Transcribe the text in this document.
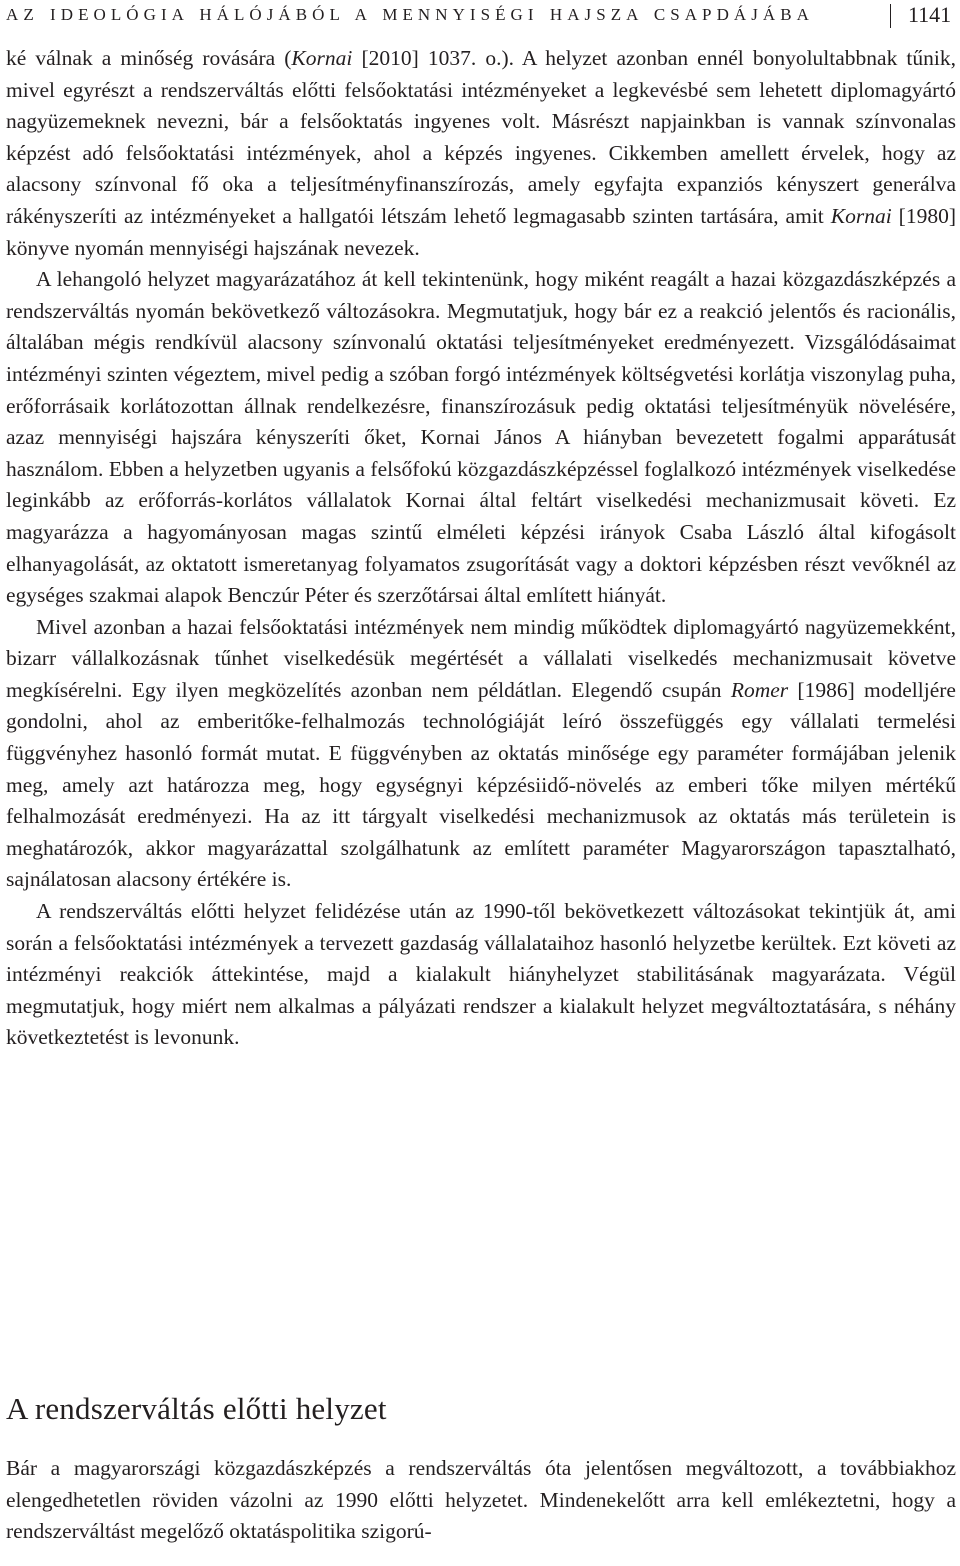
AZ IDEOLÓGIA HÁLÓJÁBÓL A MENNYISÉGI HAJSZA CSAPDÁJÁBA	1141

ké válnak a minőség rovására (Kornai [2010] 1037. o.). A helyzet azonban ennél bonyolultabbnak tűnik, mivel egyrészt a rendszerváltás előtti felsőoktatási intézményeket a legkevésbé sem lehetett diplomagyártó nagyüzemeknek nevezni, bár a felsőoktatás ingyenes volt. Másrészt napjainkban is vannak színvonalas képzést adó felsőoktatási intézmények, ahol a képzés ingyenes. Cikkemben amellett érvelek, hogy az alacsony színvonal fő oka a teljesítményfinanszírozás, amely egyfajta expanziós kényszert generálva rákényszeríti az intézményeket a hallgatói létszám lehető legmagasabb szinten tartására, amit Kornai [1980] könyve nyomán mennyiségi hajszának nevezek.

A lehangoló helyzet magyarázatához át kell tekintenünk, hogy miként reagált a hazai közgazdászképzés a rendszerváltás nyomán bekövetkező változásokra. Megmutatjuk, hogy bár ez a reakció jelentős és racionális, általában mégis rendkívül alacsony színvonalú oktatási teljesítményeket eredményezett. Vizsgálódásaimat intézményi szinten végeztem, mivel pedig a szóban forgó intézmények költségvetési korlátja viszonylag puha, erőforrásaik korlátozottan állnak rendelkezésre, finanszírozásuk pedig oktatási teljesítményük növelésére, azaz mennyiségi hajszára kényszeríti őket, Kornai János A hiányban bevezetett fogalmi apparátusát használom. Ebben a helyzetben ugyanis a felsőfokú közgazdászképzéssel foglalkozó intézmények viselkedése leginkább az erőforrás-korlátos vállalatok Kornai által feltárt viselkedési mechanizmusait követi. Ez magyarázza a hagyományosan magas szintű elméleti képzési irányok Csaba László által kifogásolt elhanyagolását, az oktatott ismeretanyag folyamatos zsugorítását vagy a doktori képzésben részt vevőknél az egységes szakmai alapok Benczúr Péter és szerzőtársai által említett hiányát.

Mivel azonban a hazai felsőoktatási intézmények nem mindig működtek diplomagyártó nagyüzemekként, bizarr vállalkozásnak tűnhet viselkedésük megértését a vállalati viselkedés mechanizmusait követve megkísérelni. Egy ilyen megközelítés azonban nem példátlan. Elegendő csupán Romer [1986] modelljére gondolni, ahol az emberitőke-felhalmozás technológiáját leíró összefüggés egy vállalati termelési függvényhez hasonló formát mutat. E függvényben az oktatás minősége egy paraméter formájában jelenik meg, amely azt határozza meg, hogy egységnyi képzésiidő-növelés az emberi tőke milyen mértékű felhalmozását eredményezi. Ha az itt tárgyalt viselkedési mechanizmusok az oktatás más területein is meghatározók, akkor magyarázattal szolgálhatunk az említett paraméter Magyarországon tapasztalható, sajnálatosan alacsony értékére is.

A rendszerváltás előtti helyzet felidézése után az 1990-től bekövetkezett változásokat tekintjük át, ami során a felsőoktatási intézmények a tervezett gazdaság vállalataihoz hasonló helyzetbe kerültek. Ezt követi az intézményi reakciók áttekintése, majd a kialakult hiányhelyzet stabilitásának magyarázata. Végül megmutatjuk, hogy miért nem alkalmas a pályázati rendszer a kialakult helyzet megváltoztatására, s néhány következtetést is levonunk.

A rendszerváltás előtti helyzet

Bár a magyarországi közgazdászképzés a rendszerváltás óta jelentősen megváltozott, a továbbiakhoz elengedhetetlen röviden vázolni az 1990 előtti helyzetet. Mindenekelőtt arra kell emlékeztetni, hogy a rendszerváltást megelőző oktatáspolitika szigorú-
